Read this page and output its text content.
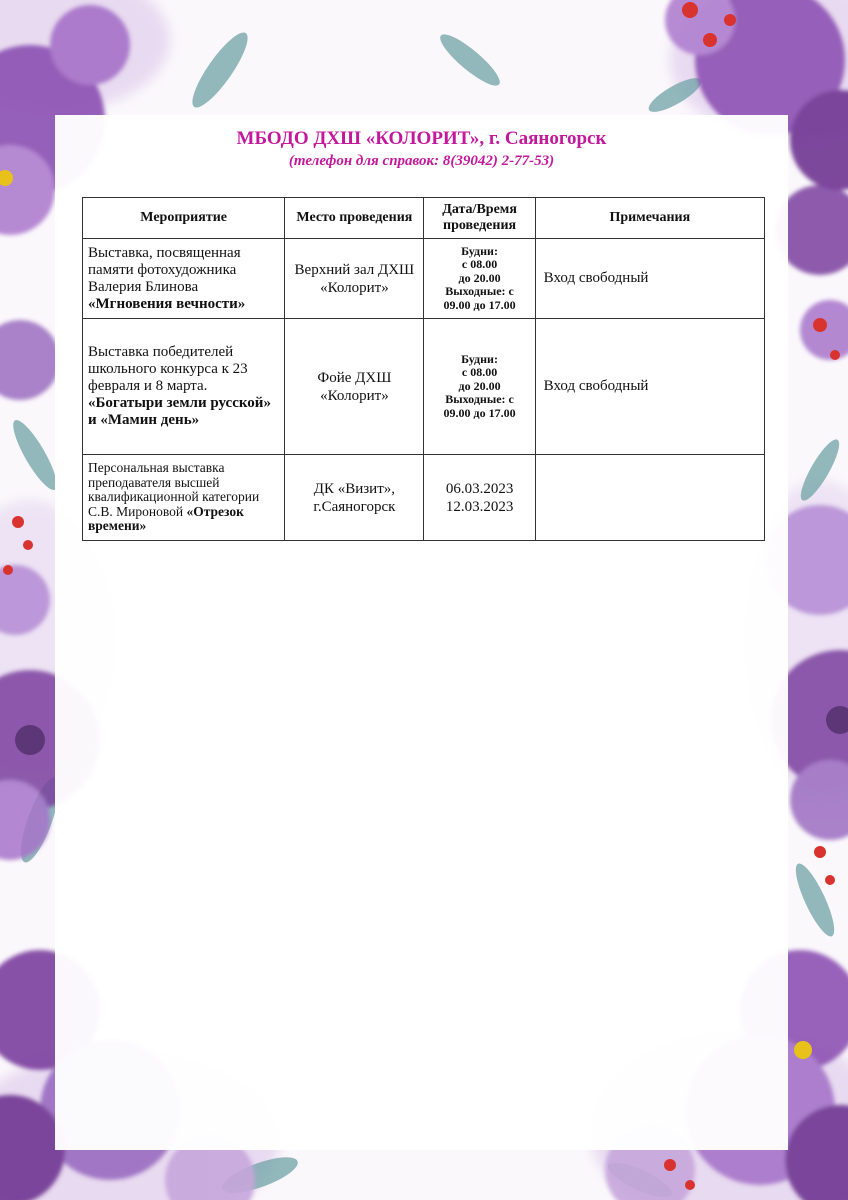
МБОДО ДХШ «КОЛОРИТ», г. Саяногорск
(телефон для справок: 8(39042) 2-77-53)
Мероприятие	Место проведения	Дата/Время проведения	Примечания
Выставка, посвященная памяти фотохудожника Валерия Блинова «Мгновения вечности»	Верхний зал ДХШ «Колорит»	Будни:
с 08.00
до 20.00
Выходные: с
09.00 до 17.00	Вход свободный
Выставка победителей школьного конкурса к 23 февраля и 8 марта. «Богатыри земли русской» и «Мамин день»	Фойе ДХШ «Колорит»	Будни:
с 08.00
до 20.00
Выходные: с
09.00 до 17.00	Вход свободный
Персональная выставка преподавателя высшей квалификационной категории С.В. Мироновой «Отрезок времени»	ДК «Визит», г.Саяногорск	06.03.2023
12.03.2023	
